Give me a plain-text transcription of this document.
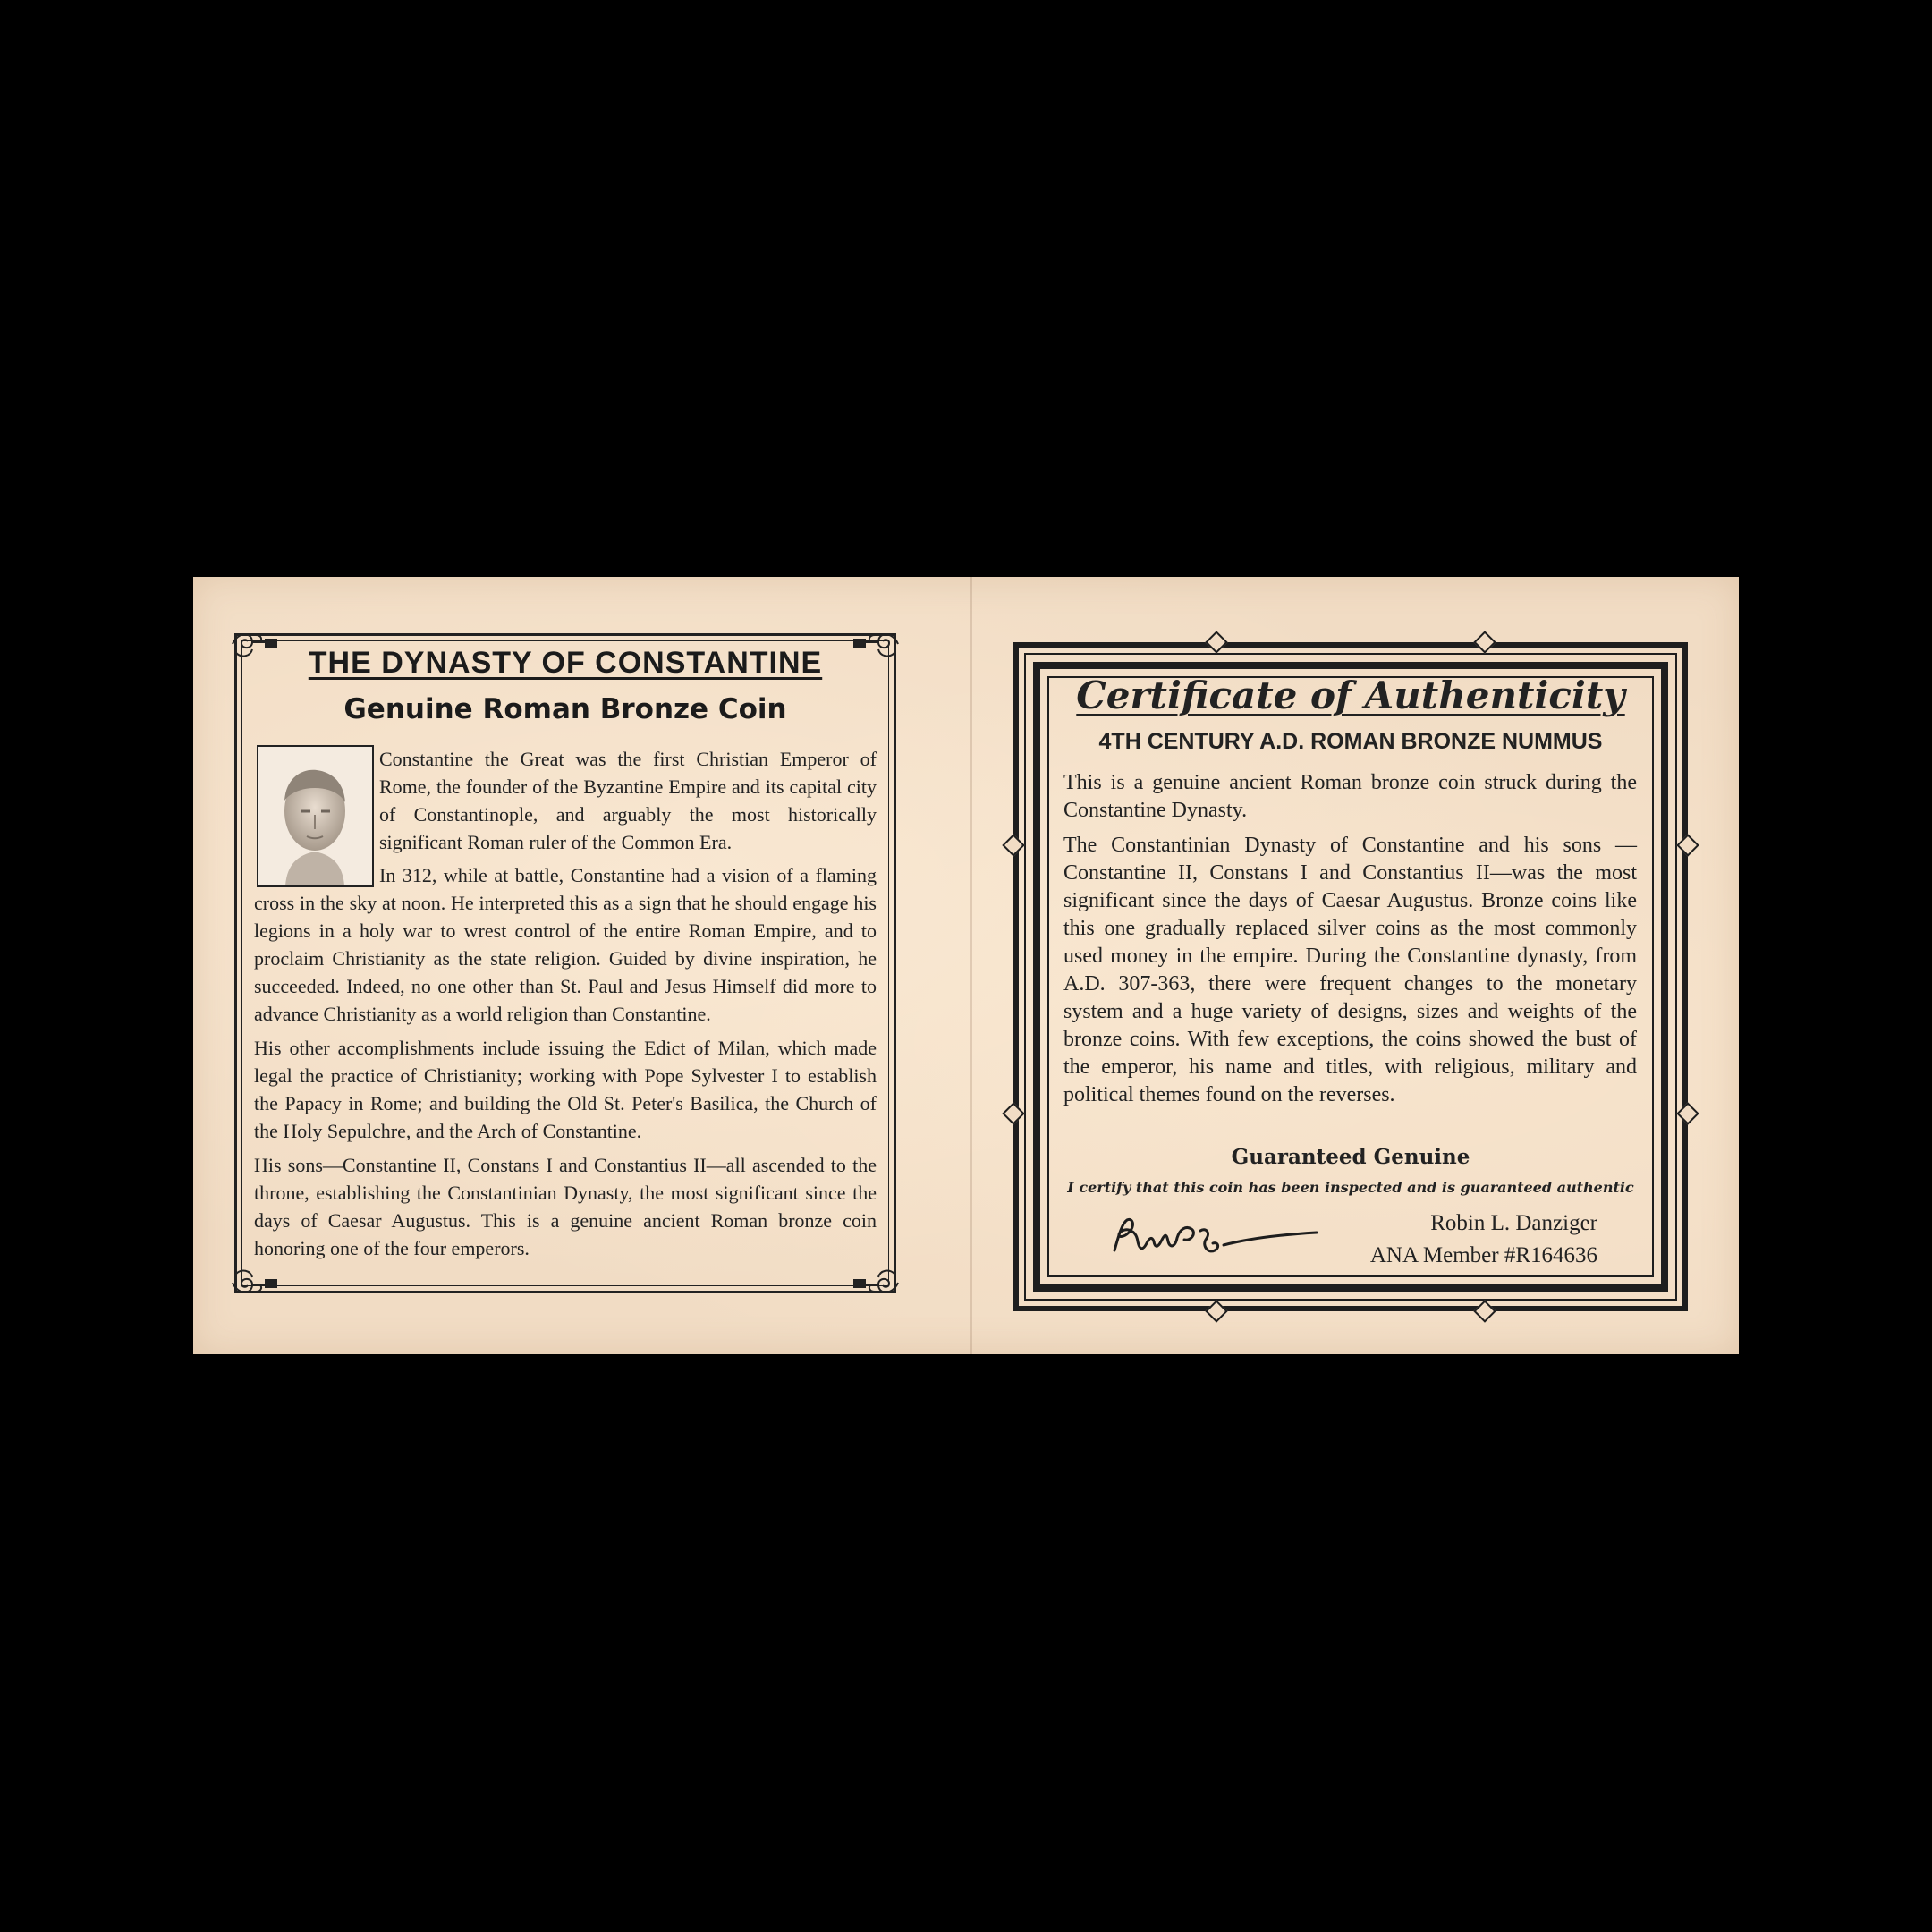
THE DYNASTY OF CONSTANTINE
Genuine Roman Bronze Coin

Constantine the Great was the first Christian Emperor of Rome, the founder of the Byzantine Empire and its capital city of Constantinople, and arguably the most historically significant Roman ruler of the Common Era.

In 312, while at battle, Constantine had a vision of a flaming cross in the sky at noon. He interpreted this as a sign that he should engage his legions in a holy war to wrest control of the entire Roman Empire, and to proclaim Christianity as the state religion. Guided by divine inspiration, he succeeded. Indeed, no one other than St. Paul and Jesus Himself did more to advance Christianity as a world religion than Constantine.

His other accomplishments include issuing the Edict of Milan, which made legal the practice of Christianity; working with Pope Sylvester I to establish the Papacy in Rome; and building the Old St. Peter's Basilica, the Church of the Holy Sepulchre, and the Arch of Constantine.

His sons—Constantine II, Constans I and Constantius II—all ascended to the throne, establishing the Constantinian Dynasty, the most significant since the days of Caesar Augustus. This is a genuine ancient Roman bronze coin honoring one of the four emperors.

Certificate of Authenticity
4TH CENTURY A.D. ROMAN BRONZE NUMMUS

This is a genuine ancient Roman bronze coin struck during the Constantine Dynasty.

The Constantinian Dynasty of Constantine and his sons —Constantine II, Constans I and Constantius II—was the most significant since the days of Caesar Augustus. Bronze coins like this one gradually replaced silver coins as the most commonly used money in the empire. During the Constantine dynasty, from A.D. 307-363, there were frequent changes to the monetary system and a huge variety of designs, sizes and weights of the bronze coins. With few exceptions, the coins showed the bust of the emperor, his name and titles, with religious, military and political themes found on the reverses.

Guaranteed Genuine
I certify that this coin has been inspected and is guaranteed authentic
Robin L. Danziger
ANA Member #R164636
